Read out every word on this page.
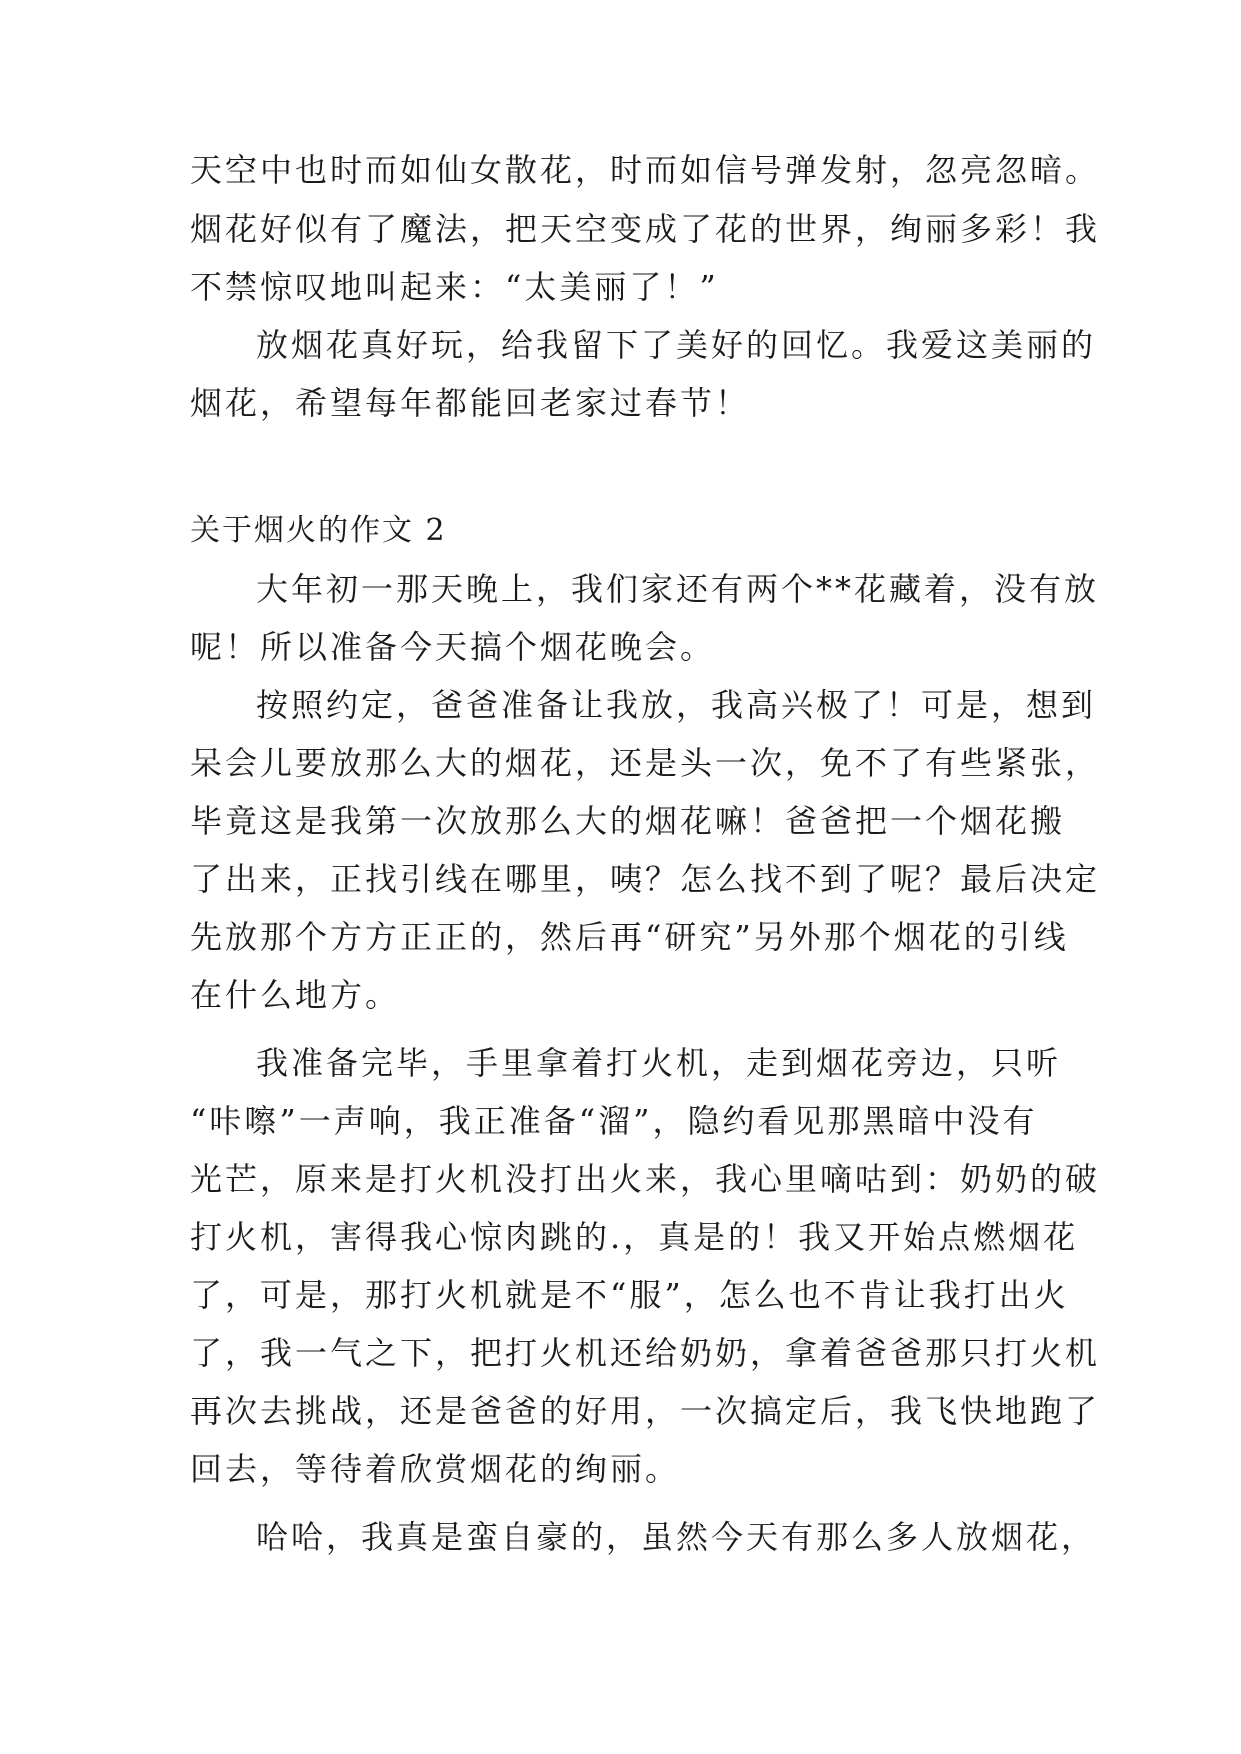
天空中也时而如仙女散花，时而如信号弹发射，忽亮忽暗。
烟花好似有了魔法，把天空变成了花的世界，绚丽多彩！我
不禁惊叹地叫起来：“太美丽了！”
放烟花真好玩，给我留下了美好的回忆。我爱这美丽的
烟花，希望每年都能回老家过春节！
关于烟火的作文 2
大年初一那天晚上，我们家还有两个**花藏着，没有放
呢！所以准备今天搞个烟花晚会。
按照约定，爸爸准备让我放，我高兴极了！可是，想到
呆会儿要放那么大的烟花，还是头一次，免不了有些紧张，
毕竟这是我第一次放那么大的烟花嘛！爸爸把一个烟花搬
了出来，正找引线在哪里，咦？怎么找不到了呢？最后决定
先放那个方方正正的，然后再“研究”另外那个烟花的引线
在什么地方。
我准备完毕，手里拿着打火机，走到烟花旁边，只听
“咔嚓”一声响，我正准备“溜”，隐约看见那黑暗中没有
光芒，原来是打火机没打出火来，我心里嘀咕到：奶奶的破
打火机，害得我心惊肉跳的.，真是的！我又开始点燃烟花
了，可是，那打火机就是不“服”，怎么也不肯让我打出火
了，我一气之下，把打火机还给奶奶，拿着爸爸那只打火机
再次去挑战，还是爸爸的好用，一次搞定后，我飞快地跑了
回去，等待着欣赏烟花的绚丽。
哈哈，我真是蛮自豪的，虽然今天有那么多人放烟花，
